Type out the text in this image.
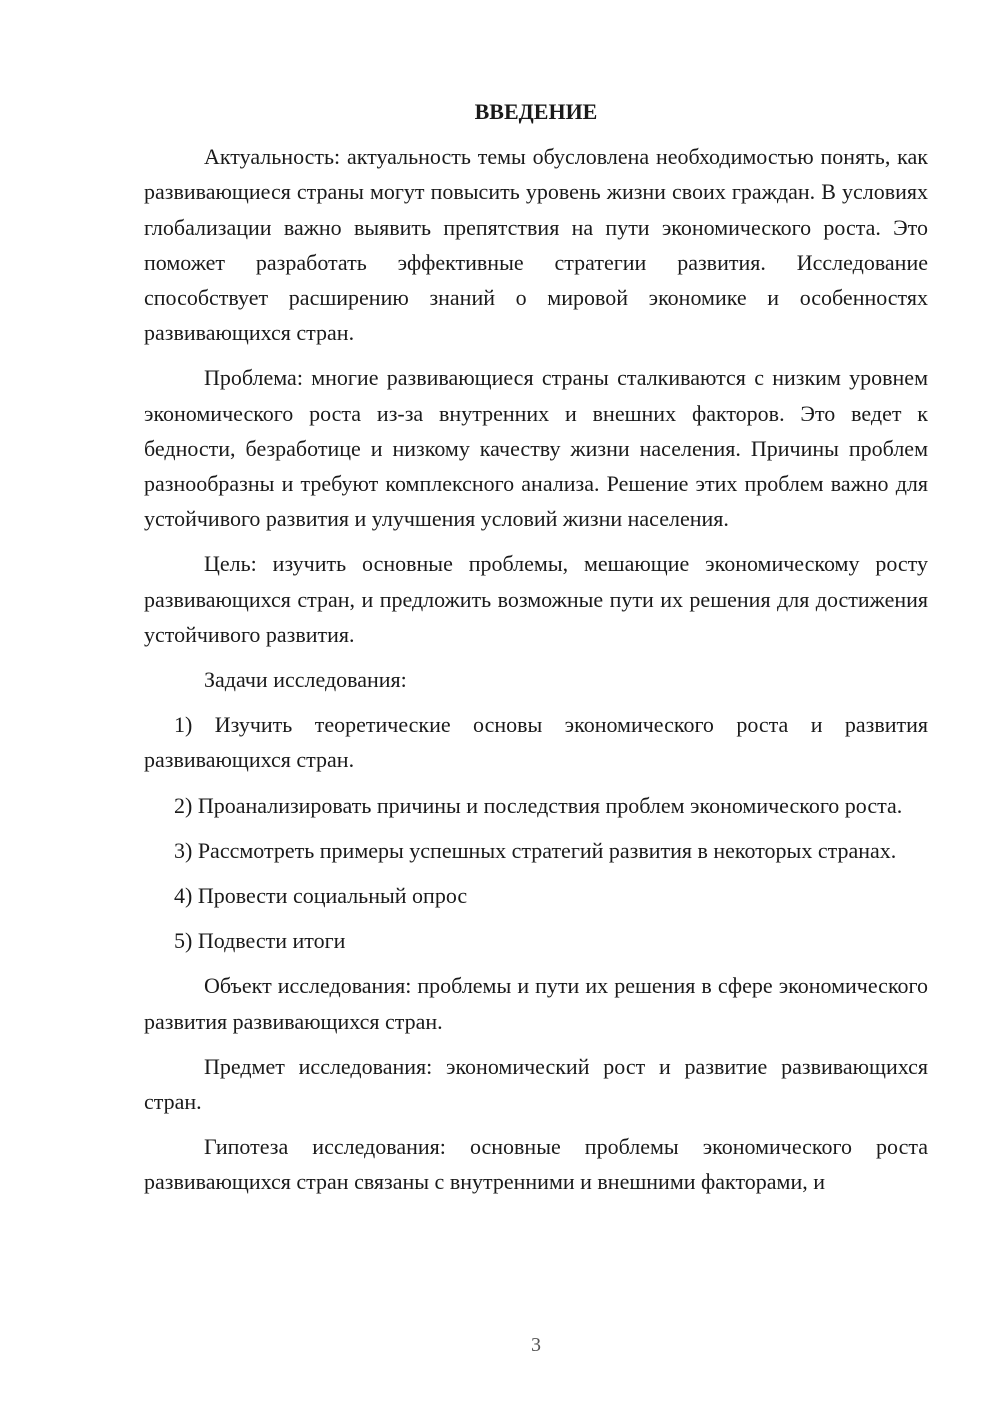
ВВЕДЕНИЕ

Актуальность: актуальность темы обусловлена необходимостью понять, как развивающиеся страны могут повысить уровень жизни своих граждан. В условиях глобализации важно выявить препятствия на пути экономического роста. Это поможет разработать эффективные стратегии развития. Исследование способствует расширению знаний о мировой экономике и особенностях развивающихся стран.

Проблема: многие развивающиеся страны сталкиваются с низким уровнем экономического роста из-за внутренних и внешних факторов. Это ведет к бедности, безработице и низкому качеству жизни населения. Причины проблем разнообразны и требуют комплексного анализа. Решение этих проблем важно для устойчивого развития и улучшения условий жизни населения.

Цель: изучить основные проблемы, мешающие экономическому росту развивающихся стран, и предложить возможные пути их решения для достижения устойчивого развития.

Задачи исследования:

1) Изучить теоретические основы экономического роста и развития развивающихся стран.

2) Проанализировать причины и последствия проблем экономического роста.

3) Рассмотреть примеры успешных стратегий развития в некоторых странах.

4) Провести социальный опрос

5) Подвести итоги

Объект исследования: проблемы и пути их решения в сфере экономического развития развивающихся стран.

Предмет исследования: экономический рост и развитие развивающихся стран.

Гипотеза исследования: основные проблемы экономического роста развивающихся стран связаны с внутренними и внешними факторами, и

3
